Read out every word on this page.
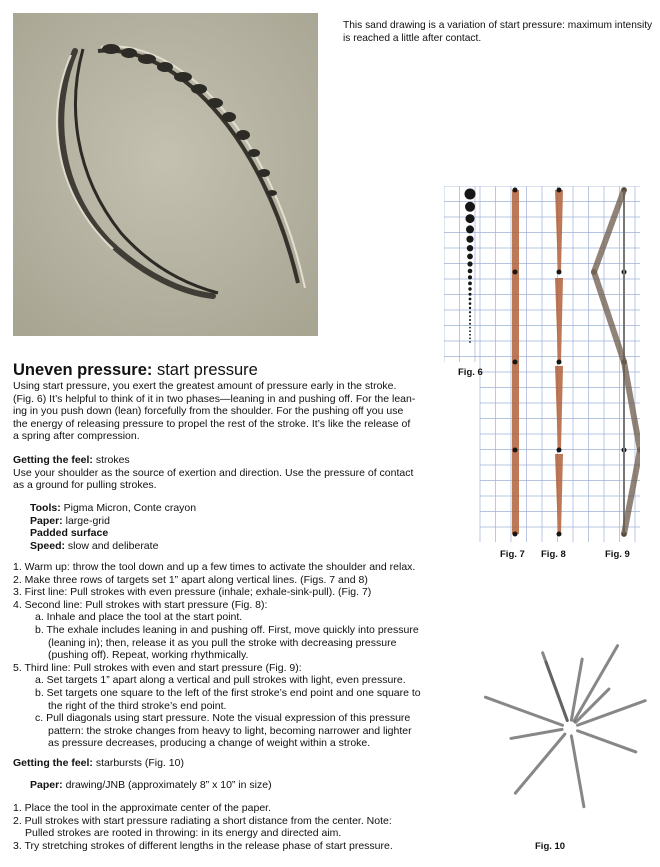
This sand drawing is a variation of start pressure: maximum intensity is reached a little after contact.
Fig. 6
Fig. 7 Fig. 8	Fig. 9
Fig. 10
Uneven pressure: start pressure
Using start pressure, you exert the greatest amount of pressure early in the stroke.
(Fig. 6) It’s helpful to think of it in two phases—leaning in and pushing off. For the lean-
ing in you push down (lean) forcefully from the shoulder. For the pushing off you use
the energy of releasing pressure to propel the rest of the stroke. It’s like the release of
a spring after compression.
Getting the feel: strokes
Use your shoulder as the source of exertion and direction. Use the pressure of contact
as a ground for pulling strokes.
Tools: Pigma Micron, Conte crayon
Paper: large-grid
Padded surface
Speed: slow and deliberate
1. Warm up: throw the tool down and up a few times to activate the shoulder and relax.
2. Make three rows of targets set 1” apart along vertical lines. (Figs. 7 and 8)
3. First line: Pull strokes with even pressure (inhale; exhale-sink-pull). (Fig. 7)
4. Second line: Pull strokes with start pressure (Fig. 8):
a. Inhale and place the tool at the start point.
b. The exhale includes leaning in and pushing off. First, move quickly into pressure
(leaning in); then, release it as you pull the stroke with decreasing pressure
(pushing off). Repeat, working rhythmically.
5. Third line: Pull strokes with even and start pressure (Fig. 9):
a. Set targets 1” apart along a vertical and pull strokes with light, even pressure.
b. Set targets one square to the left of the first stroke’s end point and one square to
the right of the third stroke’s end point.
c. Pull diagonals using start pressure. Note the visual expression of this pressure
pattern: the stroke changes from heavy to light, becoming narrower and lighter
as pressure decreases, producing a change of weight within a stroke.
Getting the feel: starbursts (Fig. 10)
Paper: drawing/JNB (approximately 8” x 10” in size)
1. Place the tool in the approximate center of the paper.
2. Pull strokes with start pressure radiating a short distance from the center. Note:
Pulled strokes are rooted in throwing: in its energy and directed aim.
3. Try stretching strokes of different lengths in the release phase of start pressure.
